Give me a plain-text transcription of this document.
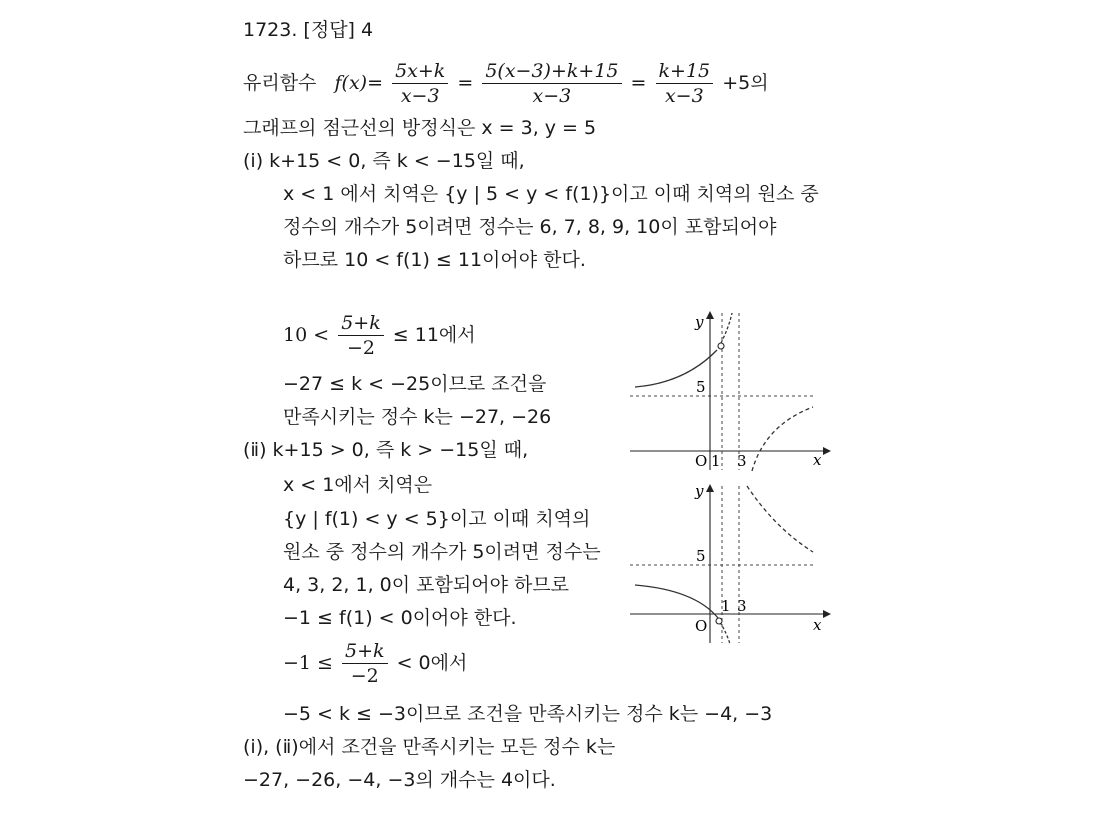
1723. [정답] 4
유리함수 $f(x)= \frac{5x+k}{x-3} = \frac{5(x-3)+k+15}{x-3} = \frac{k+15}{x-3} +5$의
그래프의 점근선의 방정식은 x = 3, y = 5
(ⅰ) k+15 < 0, 즉 k < −15일 때,
x < 1 에서 치역은 {y | 5 < y < f(1)}이고 이때 치역의 원소 중
정수의 개수가 5이려면 정수는 6, 7, 8, 9, 10이 포함되어야
하므로 10 < f(1) ≤ 11이어야 한다.
$10 < \frac{5+k}{-2} \le 11$에서
−27 ≤ k < −25이므로 조건을
만족시키는 정수 k는 −27, −26
(ⅱ) k+15 > 0, 즉 k > −15일 때,
x < 1에서 치역은
{y | f(1) < y < 5}이고 이때 치역의
원소 중 정수의 개수가 5이려면 정수는
4, 3, 2, 1, 0이 포함되어야 하므로
−1 ≤ f(1) < 0이어야 한다.
$-1 \le \frac{5+k}{-2} < 0$에서
−5 < k ≤ −3이므로 조건을 만족시키는 정수 k는 −4, −3
(ⅰ), (ⅱ)에서 조건을 만족시키는 모든 정수 k는
−27, −26, −4, −3의 개수는 4이다.
y
x
O 1 3
5
y
x
O
1 3
5
